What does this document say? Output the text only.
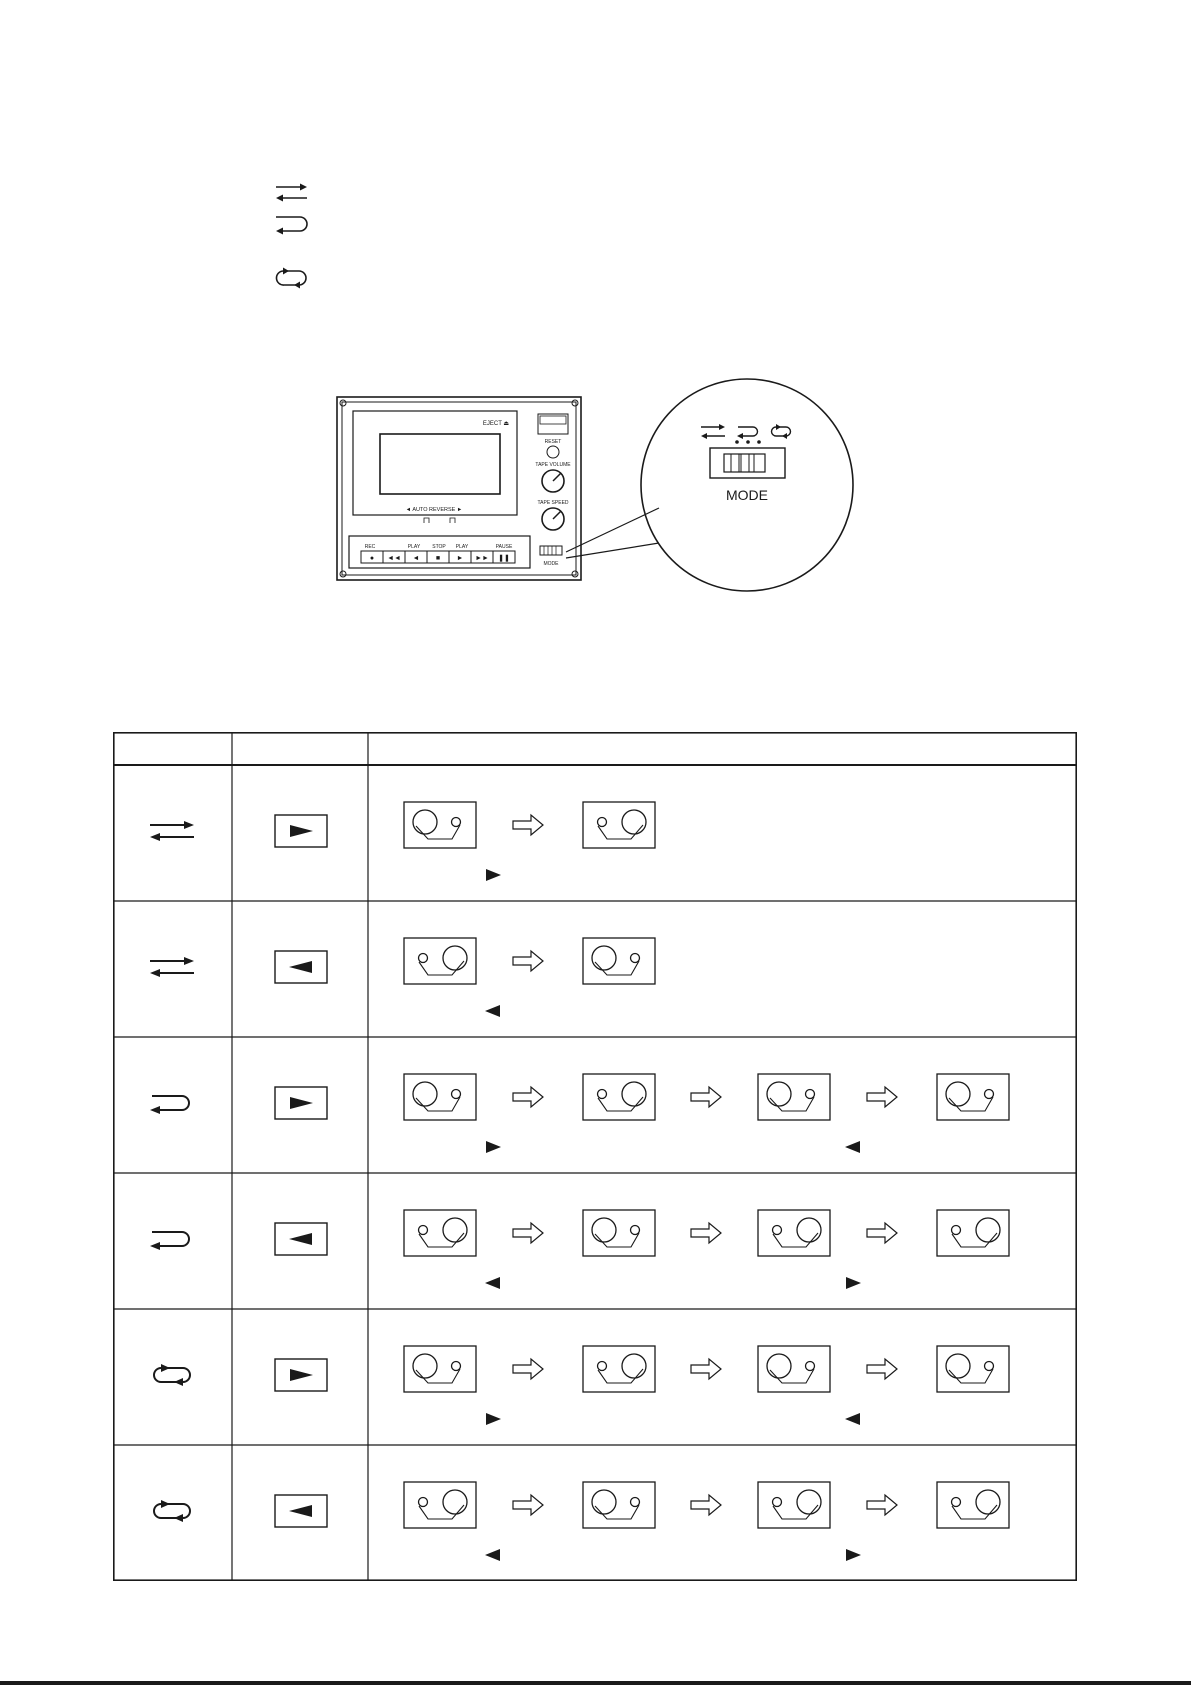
EJECT ⏏
◄ AUTO REVERSE ►
RESET
TAPE VOLUME
TAPE SPEED
MODE
REC	PLAY STOP PLAY	PAUSE
● ◄◄ ◄ ■ ► ►► ❚❚
MODE
